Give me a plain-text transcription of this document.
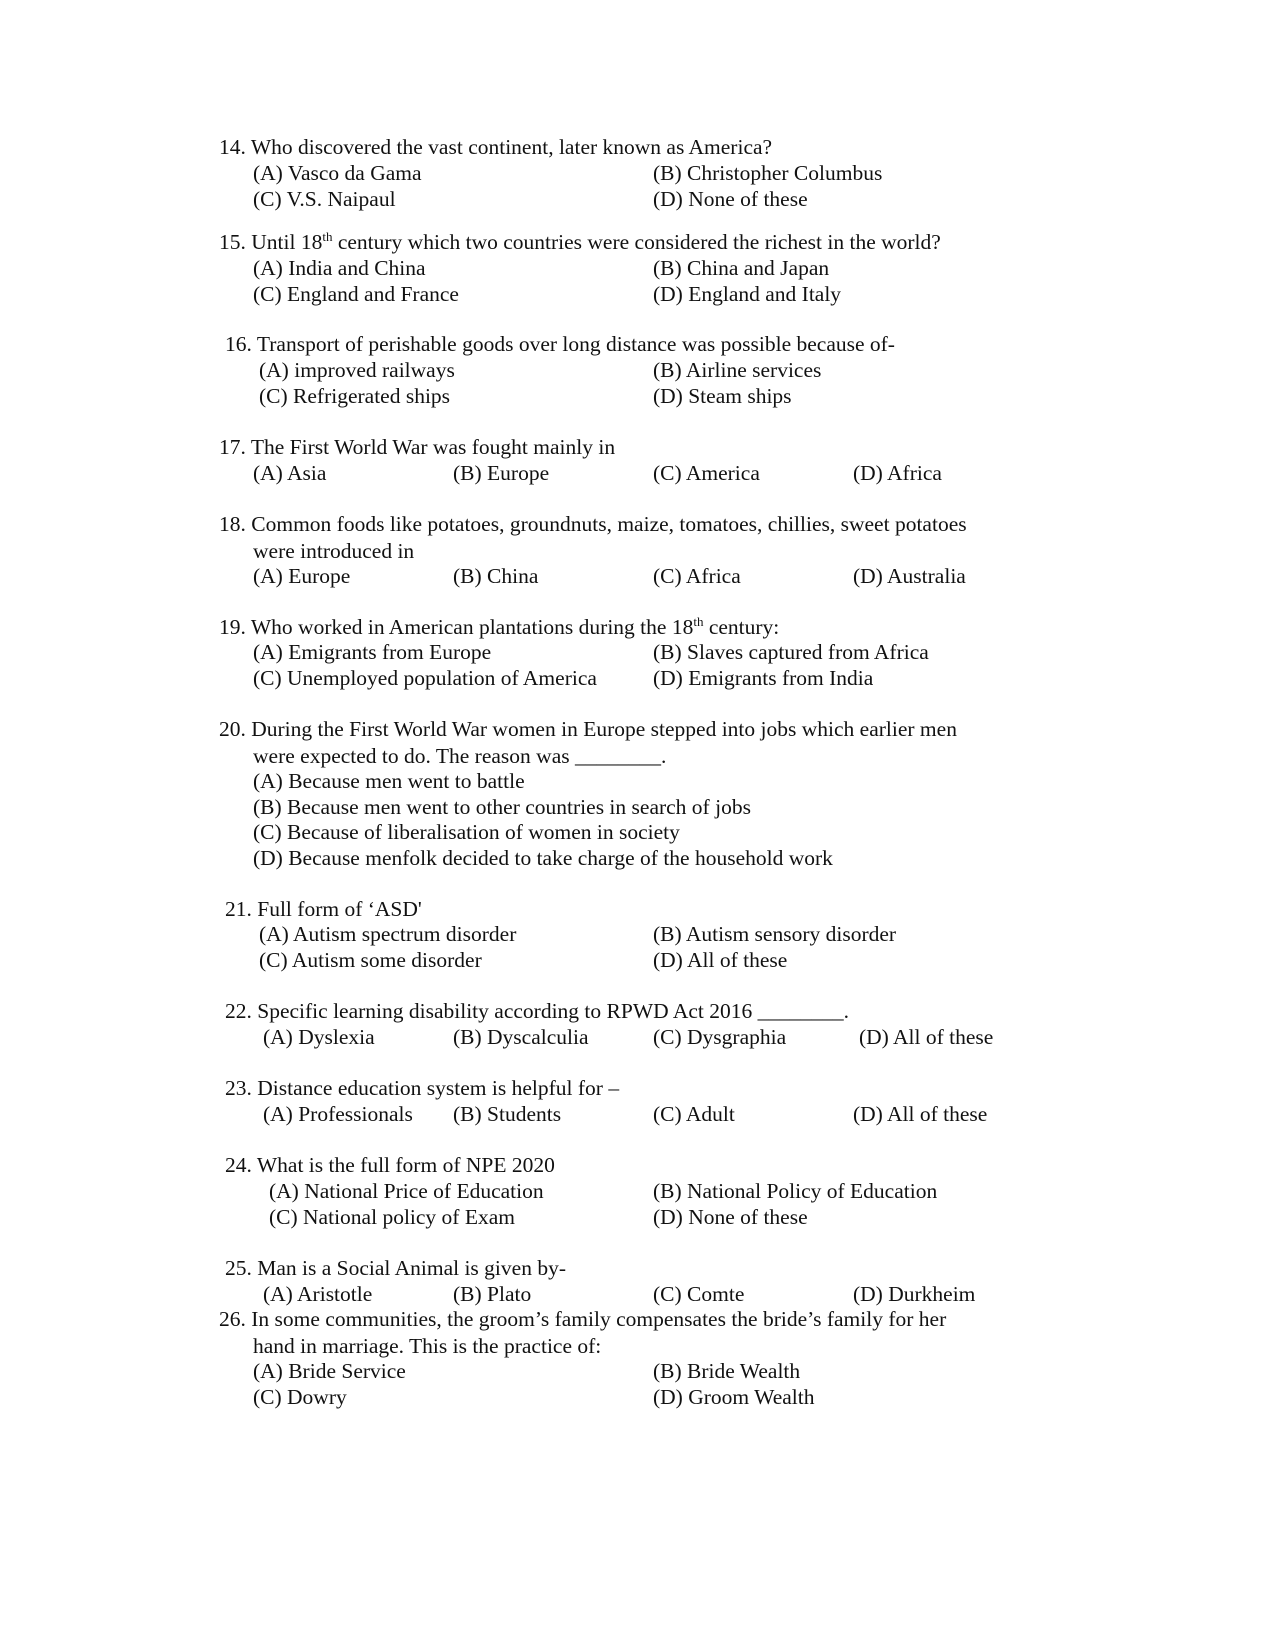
14. Who discovered the vast continent, later known as America?
(A) Vasco da Gama	(B) Christopher Columbus
(C) V.S. Naipaul	(D) None of these
15. Until 18th century which two countries were considered the richest in the world?
(A) India and China	(B) China and Japan
(C) England and France	(D) England and Italy
16. Transport of perishable goods over long distance was possible because of-
(A) improved railways	(B) Airline services
(C) Refrigerated ships	(D) Steam ships
17. The First World War was fought mainly in
(A) Asia	(B) Europe	(C) America	(D) Africa
18. Common foods like potatoes, groundnuts, maize, tomatoes, chillies, sweet potatoes
were introduced in
(A) Europe	(B) China	(C) Africa	(D) Australia
19. Who worked in American plantations during the 18th century:
(A) Emigrants from Europe	(B) Slaves captured from Africa
(C) Unemployed population of America	(D) Emigrants from India
20. During the First World War women in Europe stepped into jobs which earlier men
were expected to do. The reason was ________.
(A) Because men went to battle
(B) Because men went to other countries in search of jobs
(C) Because of liberalisation of women in society
(D) Because menfolk decided to take charge of the household work
21. Full form of ‘ASD'
(A) Autism spectrum disorder	(B) Autism sensory disorder
(C) Autism some disorder	(D) All of these
22. Specific learning disability according to RPWD Act 2016 ________.
(A) Dyslexia	(B) Dyscalculia	(C) Dysgraphia	(D) All of these
23. Distance education system is helpful for –
(A) Professionals (B) Students	(C) Adult	(D) All of these
24. What is the full form of NPE 2020
(A) National Price of Education	(B) National Policy of Education
(C) National policy of Exam	(D) None of these
25. Man is a Social Animal is given by-
(A) Aristotle	(B) Plato	(C) Comte	(D) Durkheim
26. In some communities, the groom’s family compensates the bride’s family for her
hand in marriage. This is the practice of:
(A) Bride Service	(B) Bride Wealth
(C) Dowry	(D) Groom Wealth
